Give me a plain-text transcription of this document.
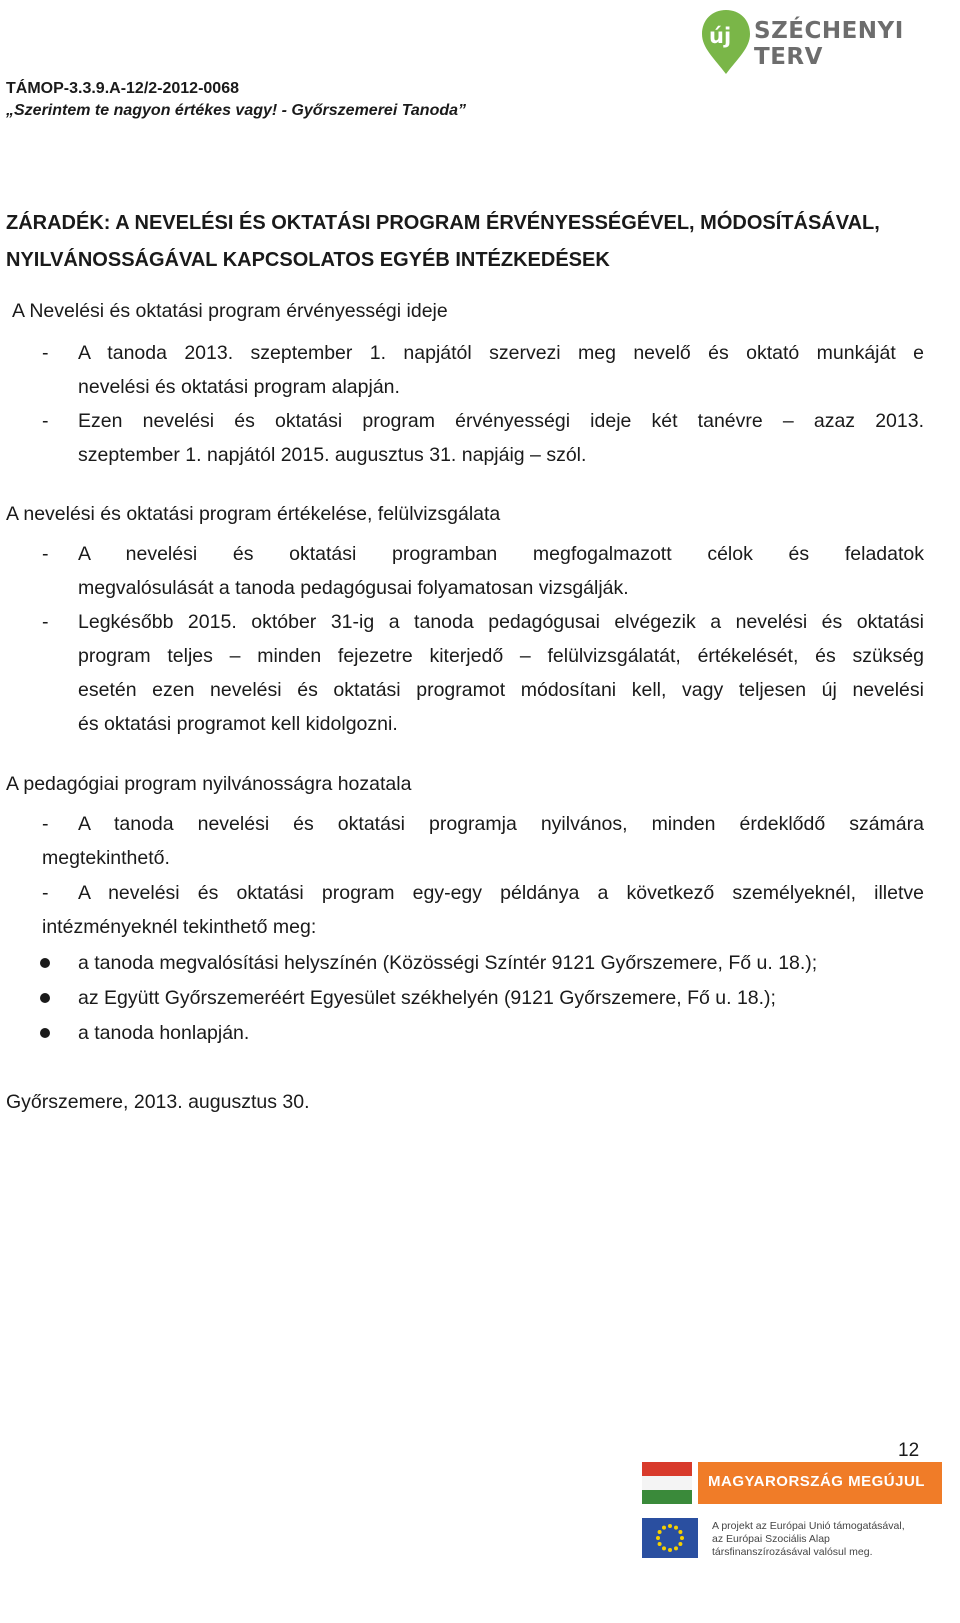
TÁMOP-3.3.9.A-12/2-2012-0068
„Szerintem te nagyon értékes vagy! - Győrszemerei Tanoda”
új SZÉCHENYI TERV
ZÁRADÉK: A NEVELÉSI ÉS OKTATÁSI PROGRAM ÉRVÉNYESSÉGÉVEL, MÓDOSÍTÁSÁVAL,
NYILVÁNOSSÁGÁVAL KAPCSOLATOS EGYÉB INTÉZKEDÉSEK
A Nevelési és oktatási program érvényességi ideje
- A tanoda 2013. szeptember 1. napjától szervezi meg nevelő és oktató munkáját e
nevelési és oktatási program alapján.
- Ezen nevelési és oktatási program érvényességi ideje két tanévre – azaz 2013.
szeptember 1. napjától 2015. augusztus 31. napjáig – szól.
A nevelési és oktatási program értékelése, felülvizsgálata
- A nevelési és oktatási programban megfogalmazott célok és feladatok
megvalósulását a tanoda pedagógusai folyamatosan vizsgálják.
- Legkésőbb 2015. október 31-ig a tanoda pedagógusai elvégezik a nevelési és oktatási
program teljes – minden fejezetre kiterjedő – felülvizsgálatát, értékelését, és szükség
esetén ezen nevelési és oktatási programot módosítani kell, vagy teljesen új nevelési
és oktatási programot kell kidolgozni.
A pedagógiai program nyilvánosságra hozatala
- A tanoda nevelési és oktatási programja nyilvános, minden érdeklődő számára
megtekinthető.
- A nevelési és oktatási program egy-egy példánya a következő személyeknél, illetve
intézményeknél tekinthető meg:
a tanoda megvalósítási helyszínén (Közösségi Színtér 9121 Győrszemere, Fő u. 18.);
az Együtt Győrszemeréért Egyesület székhelyén (9121 Győrszemere, Fő u. 18.);
a tanoda honlapján.
Győrszemere, 2013. augusztus 30.
12
MAGYARORSZÁG MEGÚJUL
A projekt az Európai Unió támogatásával,
az Európai Szociális Alap
társfinanszírozásával valósul meg.
